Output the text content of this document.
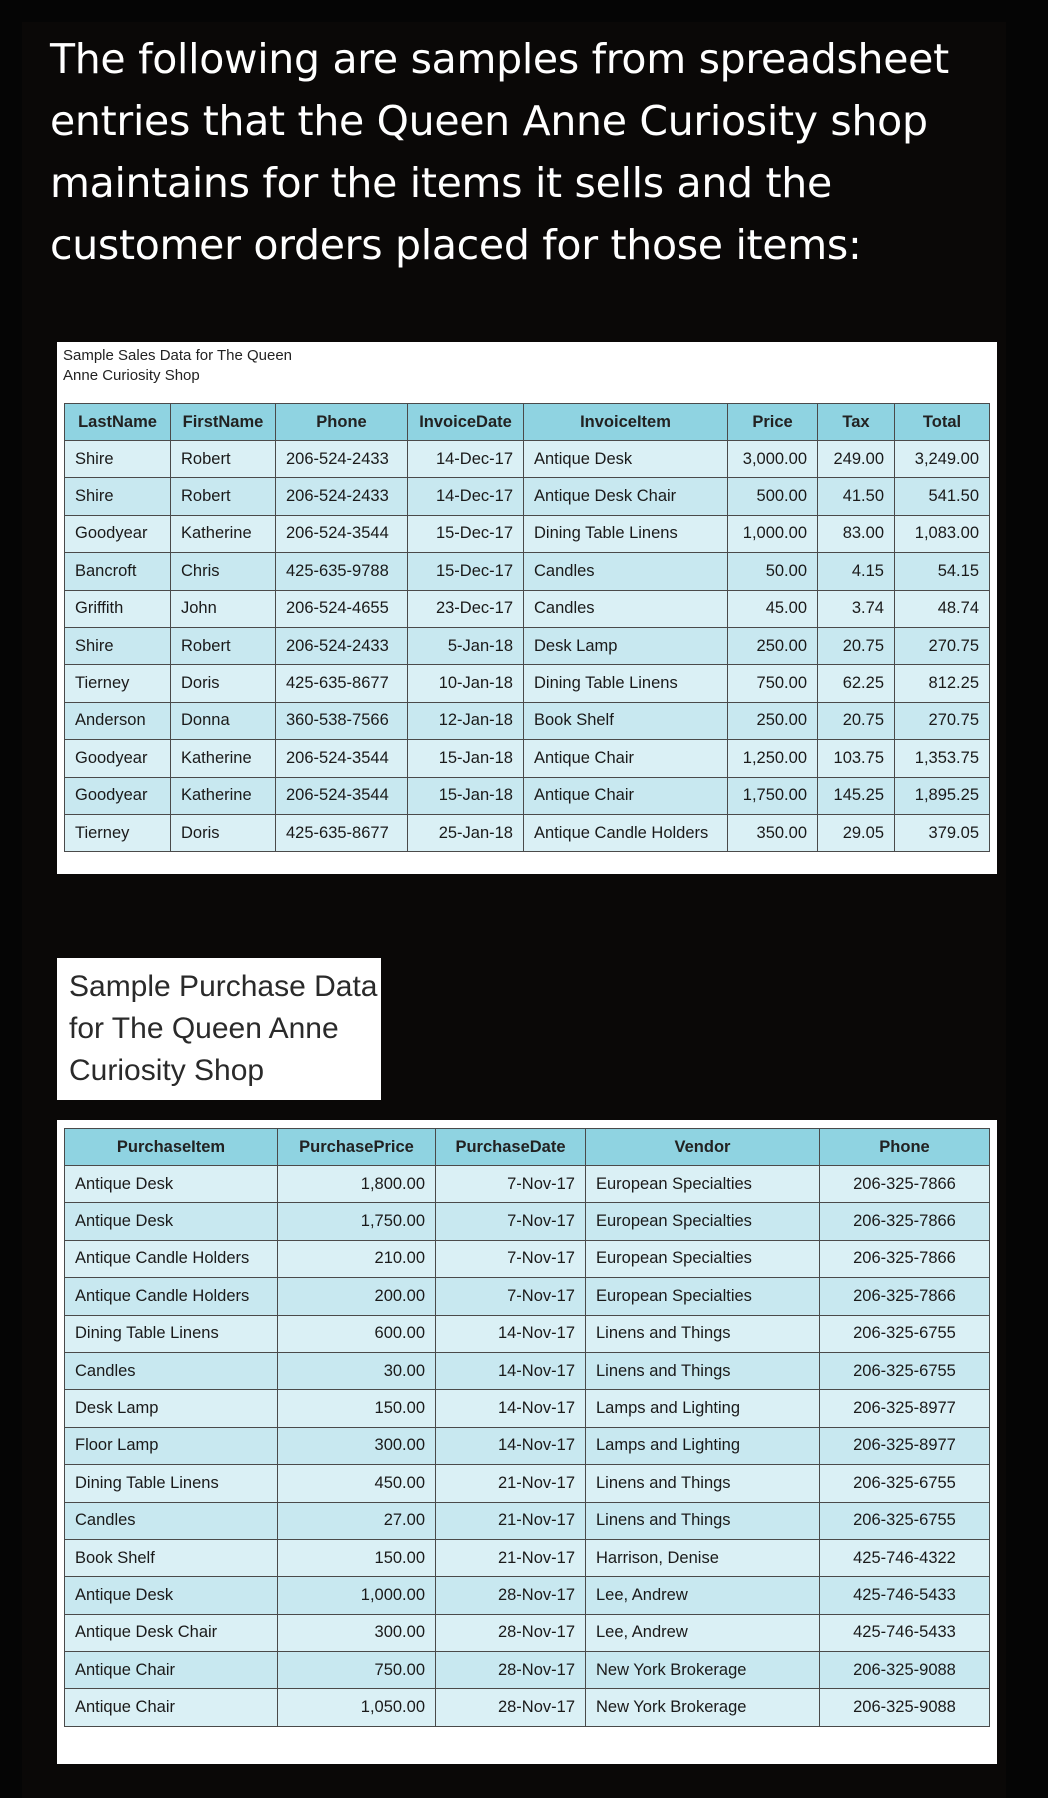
The following are samples from spreadsheet entries that the Queen Anne Curiosity shop maintains for the items it sells and the customer orders placed for those items:

Sample Sales Data for The Queen Anne Curiosity Shop

LastName	FirstName	Phone	InvoiceDate	InvoiceItem	Price	Tax	Total
Shire	Robert	206-524-2433	14-Dec-17	Antique Desk	3,000.00	249.00	3,249.00
Shire	Robert	206-524-2433	14-Dec-17	Antique Desk Chair	500.00	41.50	541.50
Goodyear	Katherine	206-524-3544	15-Dec-17	Dining Table Linens	1,000.00	83.00	1,083.00
Bancroft	Chris	425-635-9788	15-Dec-17	Candles	50.00	4.15	54.15
Griffith	John	206-524-4655	23-Dec-17	Candles	45.00	3.74	48.74
Shire	Robert	206-524-2433	5-Jan-18	Desk Lamp	250.00	20.75	270.75
Tierney	Doris	425-635-8677	10-Jan-18	Dining Table Linens	750.00	62.25	812.25
Anderson	Donna	360-538-7566	12-Jan-18	Book Shelf	250.00	20.75	270.75
Goodyear	Katherine	206-524-3544	15-Jan-18	Antique Chair	1,250.00	103.75	1,353.75
Goodyear	Katherine	206-524-3544	15-Jan-18	Antique Chair	1,750.00	145.25	1,895.25
Tierney	Doris	425-635-8677	25-Jan-18	Antique Candle Holders	350.00	29.05	379.05

Sample Purchase Data for The Queen Anne Curiosity Shop

PurchaseItem	PurchasePrice	PurchaseDate	Vendor	Phone
Antique Desk	1,800.00	7-Nov-17	European Specialties	206-325-7866
Antique Desk	1,750.00	7-Nov-17	European Specialties	206-325-7866
Antique Candle Holders	210.00	7-Nov-17	European Specialties	206-325-7866
Antique Candle Holders	200.00	7-Nov-17	European Specialties	206-325-7866
Dining Table Linens	600.00	14-Nov-17	Linens and Things	206-325-6755
Candles	30.00	14-Nov-17	Linens and Things	206-325-6755
Desk Lamp	150.00	14-Nov-17	Lamps and Lighting	206-325-8977
Floor Lamp	300.00	14-Nov-17	Lamps and Lighting	206-325-8977
Dining Table Linens	450.00	21-Nov-17	Linens and Things	206-325-6755
Candles	27.00	21-Nov-17	Linens and Things	206-325-6755
Book Shelf	150.00	21-Nov-17	Harrison, Denise	425-746-4322
Antique Desk	1,000.00	28-Nov-17	Lee, Andrew	425-746-5433
Antique Desk Chair	300.00	28-Nov-17	Lee, Andrew	425-746-5433
Antique Chair	750.00	28-Nov-17	New York Brokerage	206-325-9088
Antique Chair	1,050.00	28-Nov-17	New York Brokerage	206-325-9088
